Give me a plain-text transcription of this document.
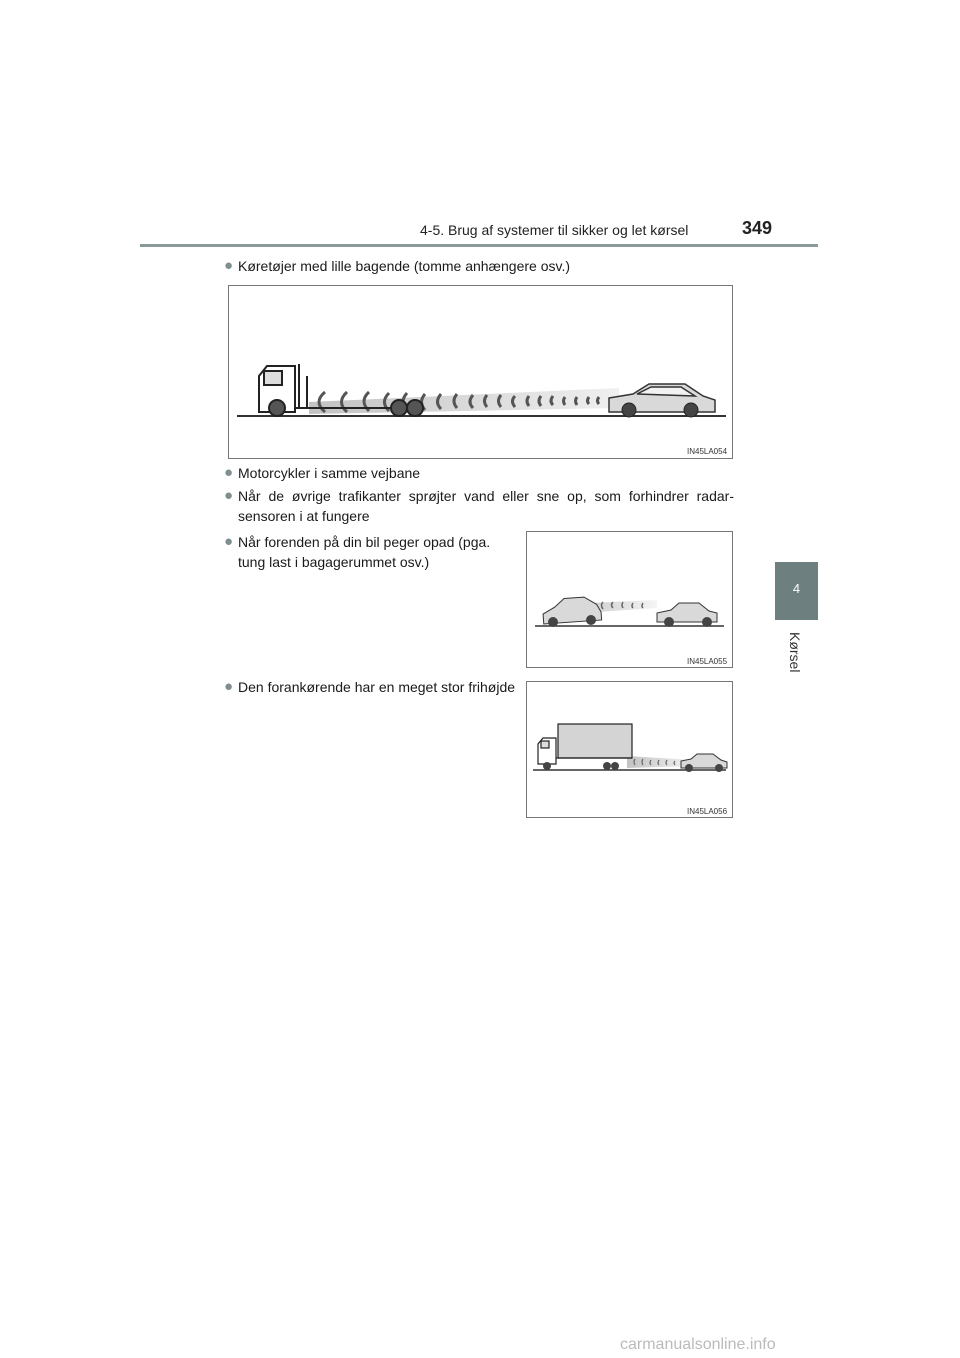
4-5. Brug af systemer til sikker og let kørsel	349
4
Kørsel
● Køretøjer med lille bagende (tomme anhængere osv.)
IN45LA054
● Motorcykler i samme vejbane
● Når de øvrige trafikanter sprøjter vand eller sne op, som forhindrer radar-sensoren i at fungere
● Når forenden på din bil peger opad (pga. tung last i bagagerummet osv.)
IN45LA055
● Den forankørende har en meget stor frihøjde
IN45LA056
carmanualsonline.info
